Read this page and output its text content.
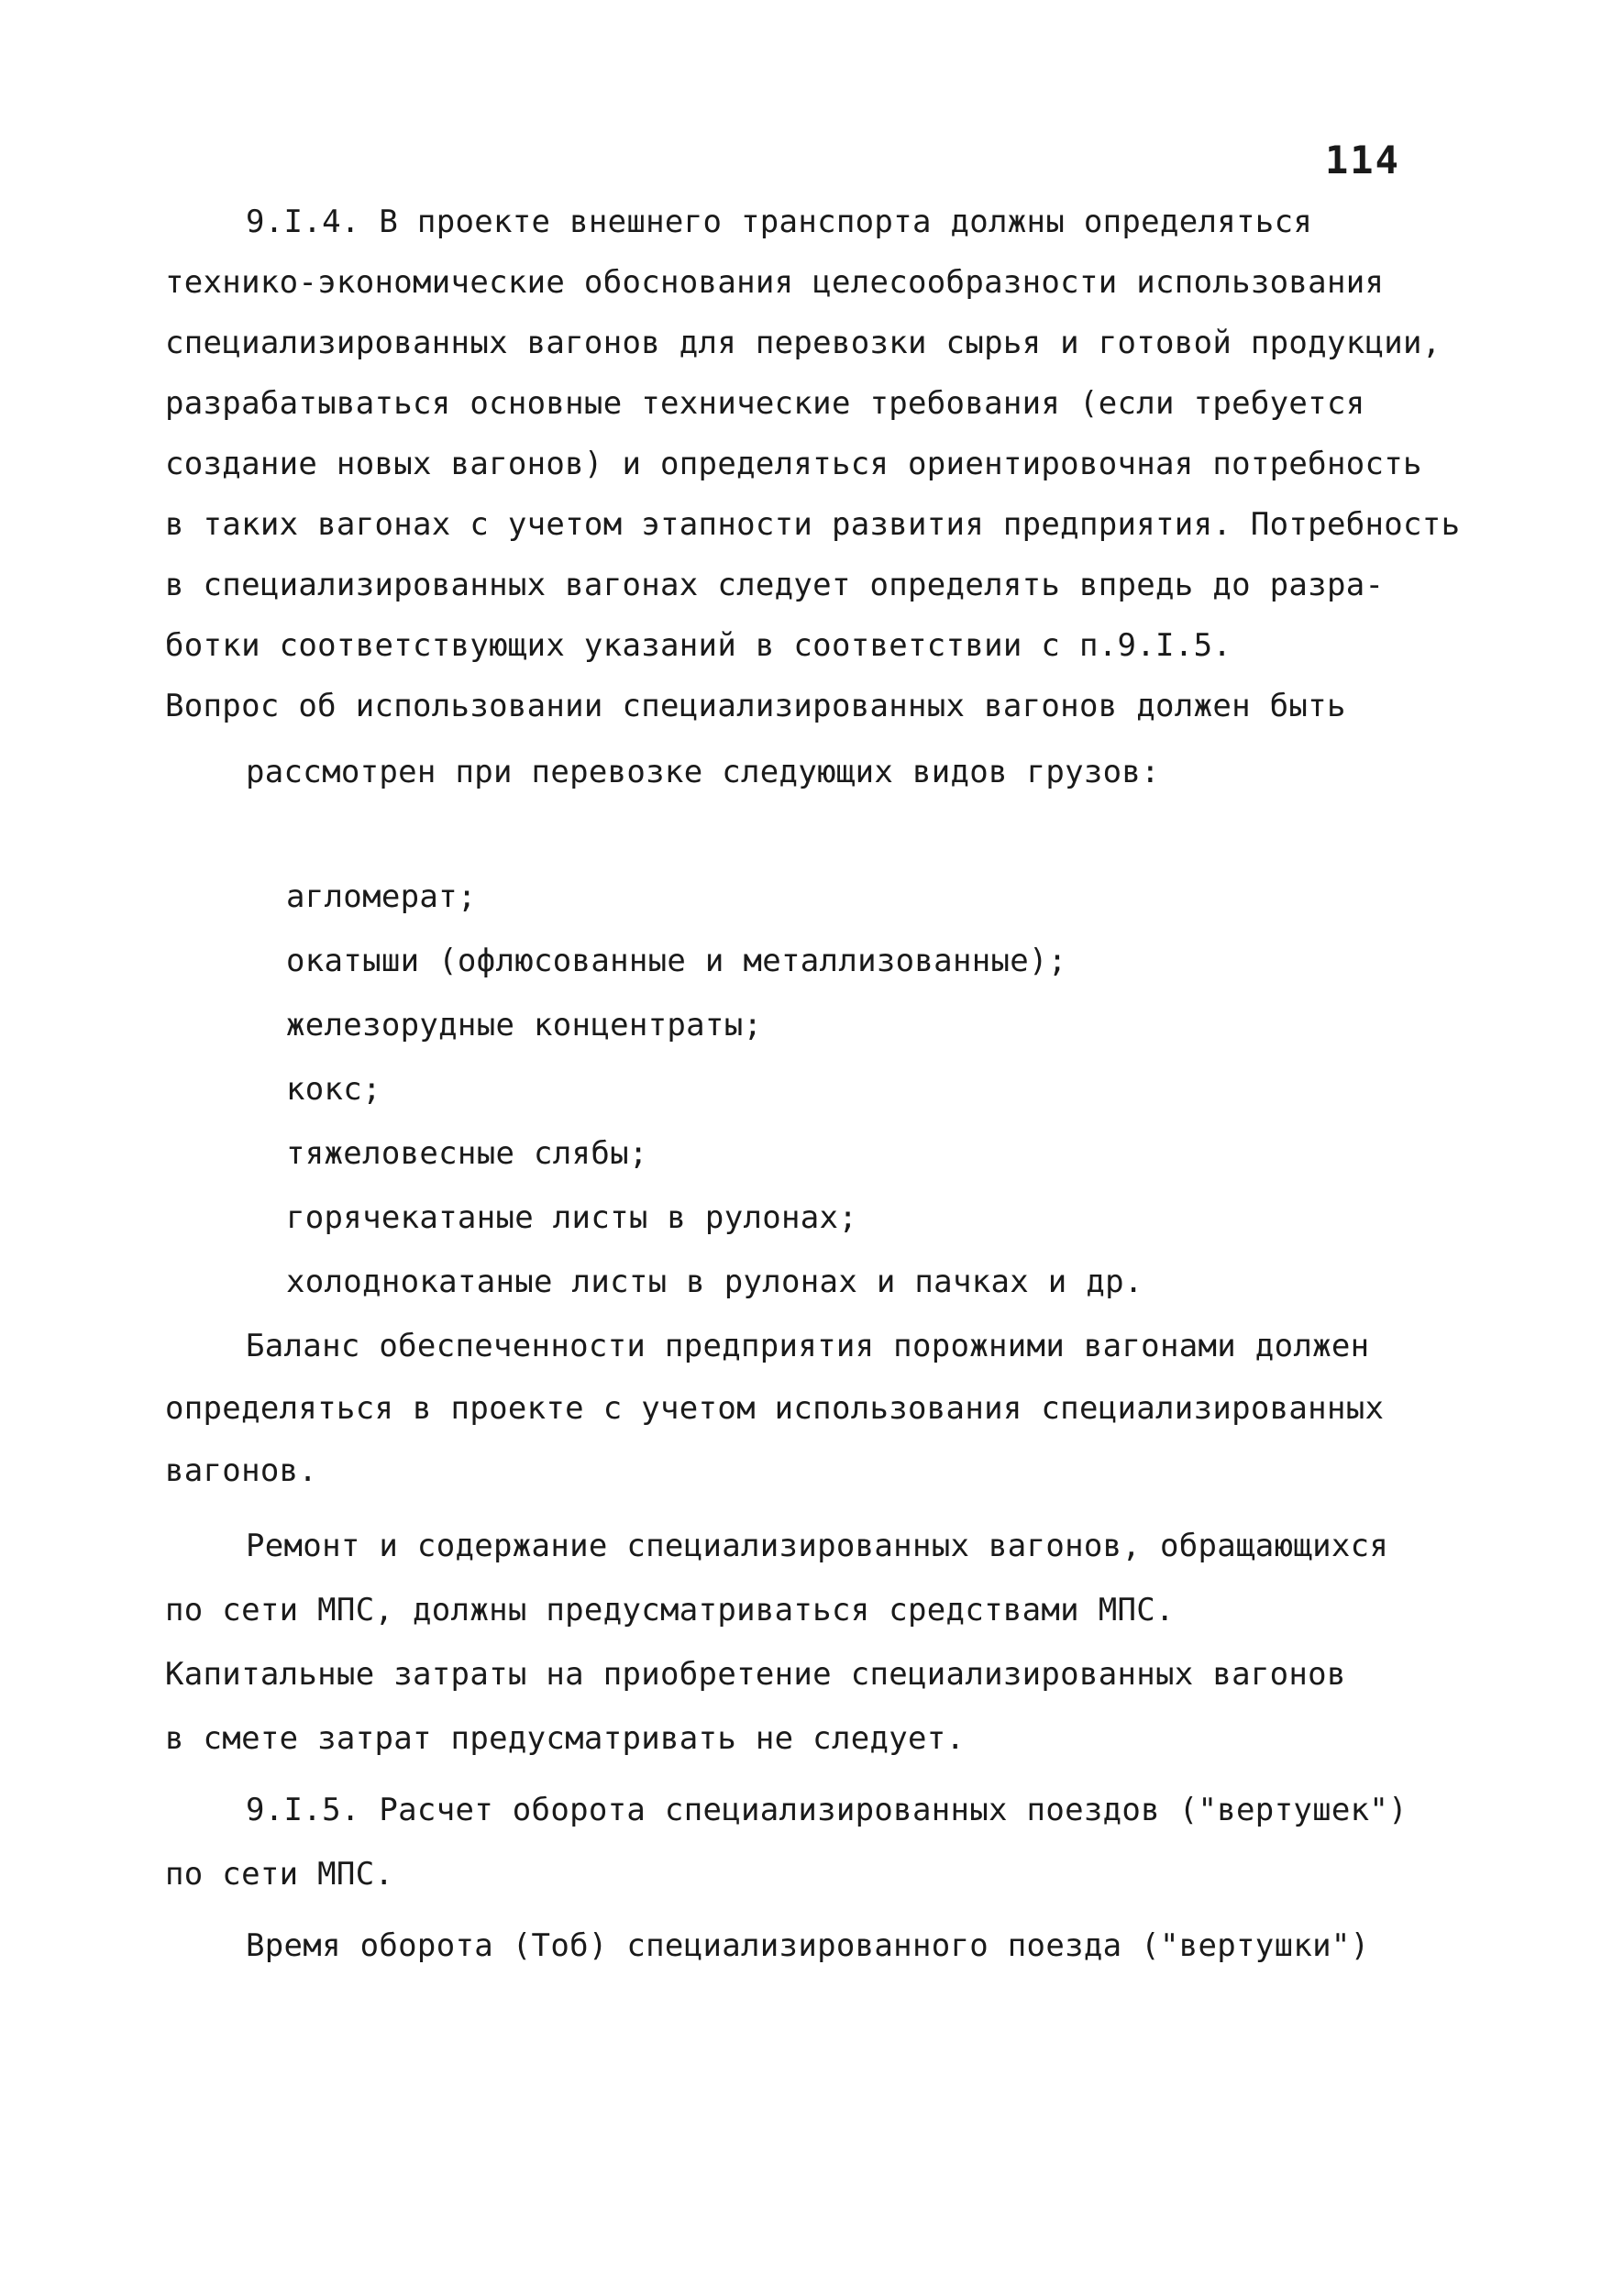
114
9.I.4. В проекте внешнего транспорта должны определяться
технико-экономические обоснования целесообразности использования
специализированных вагонов для перевозки сырья и готовой продукции,
разрабатываться основные технические требования (если требуется
создание новых вагонов) и определяться ориентировочная потребность
в таких вагонах с учетом этапности развития предприятия. Потребность
в специализированных вагонах следует определять впредь до разра-
ботки соответствующих указаний в соответствии с п.9.I.5.
Вопрос об использовании специализированных вагонов должен быть
рассмотрен при перевозке следующих видов грузов:
агломерат;
окатыши (офлюсованные и металлизованные);
железорудные концентраты;
кокс;
тяжеловесные слябы;
горячекатаные листы в рулонах;
холоднокатаные листы в рулонах и пачках и др.
Баланс обеспеченности предприятия порожними вагонами должен
определяться в проекте с учетом использования специализированных
вагонов.
Ремонт и содержание специализированных вагонов, обращающихся
по сети МПС, должны предусматриваться средствами МПС.
Капитальные затраты на приобретение специализированных вагонов
в смете затрат предусматривать не следует.
9.I.5. Расчет оборота специализированных поездов ("вертушек")
по сети МПС.
Время оборота (Тоб) специализированного поезда ("вертушки")
